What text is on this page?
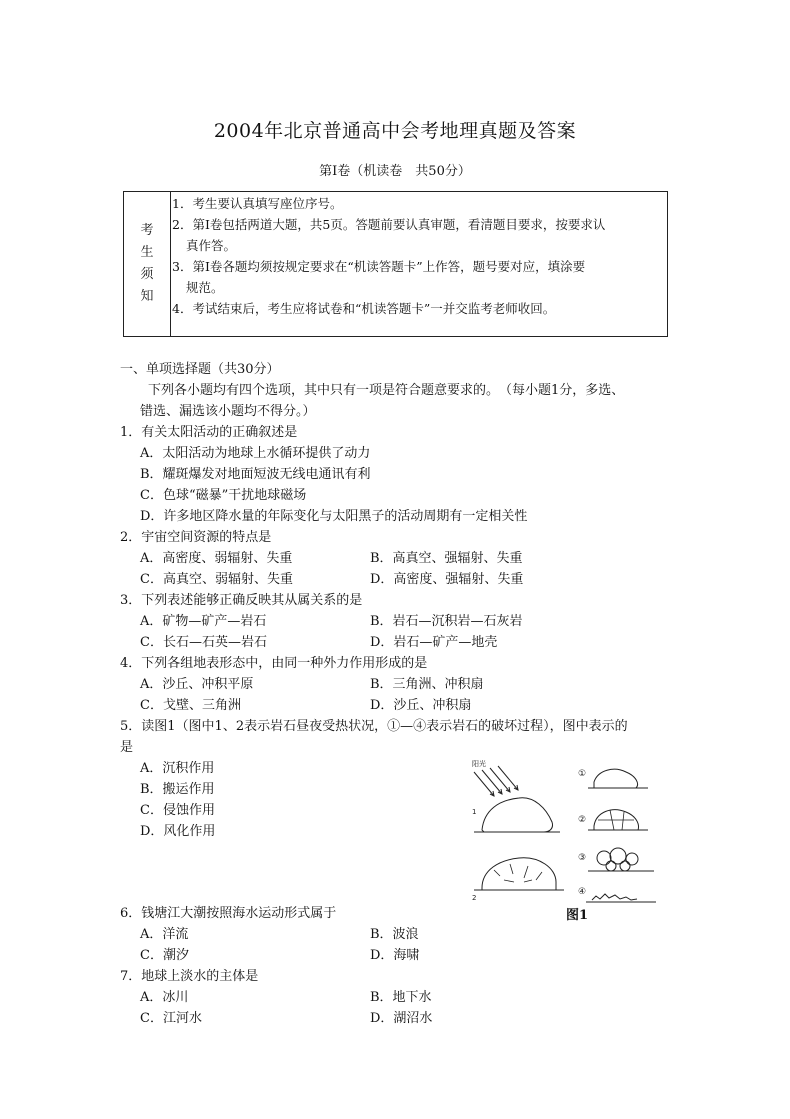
2004年北京普通高中会考地理真题及答案
第Ⅰ卷（机读卷　共50分）
考
生
须
知
1．考生要认真填写座位序号。
2．第Ⅰ卷包括两道大题，共5页。答题前要认真审题，看清题目要求，按要求认
真作答。
3．第Ⅰ卷各题均须按规定要求在“机读答题卡”上作答，题号要对应，填涂要
规范。
4．考试结束后，考生应将试卷和“机读答题卡”一并交监考老师收回。
一、单项选择题（共30分）
下列各小题均有四个选项，其中只有一项是符合题意要求的。　（每小题1分，多选、
错选、漏选该小题均不得分。）
1．有关太阳活动的正确叙述是
A．太阳活动为地球上水循环提供了动力
B．耀斑爆发对地面短波无线电通讯有利
C．色球“磁暴”干扰地球磁场
D．许多地区降水量的年际变化与太阳黑子的活动周期有一定相关性
2．宇宙空间资源的特点是
A．高密度、弱辐射、失重	B．高真空、强辐射、失重
C．高真空、弱辐射、失重	D．高密度、强辐射、失重
3．下列表述能够正确反映其从属关系的是
A．矿物—矿产—岩石	B．岩石—沉积岩—石灰岩
C．长石—石英—岩石	D．岩石—矿产—地壳
4．下列各组地表形态中，由同一种外力作用形成的是
A．沙丘、冲积平原	B．三角洲、冲积扇
C．戈壁、三角洲	D．沙丘、冲积扇
5．读图1（图中1、2表示岩石昼夜受热状况，①—④表示岩石的破坏过程），图中表示的
是
A．沉积作用
B．搬运作用
C．侵蚀作用
D．风化作用
阳光
1
2
①
②
③
④
图1
6．钱塘江大潮按照海水运动形式属于
A．洋流	B．波浪
C．潮汐	D．海啸
7．地球上淡水的主体是
A．冰川	B．地下水
C．江河水	D．湖沼水
